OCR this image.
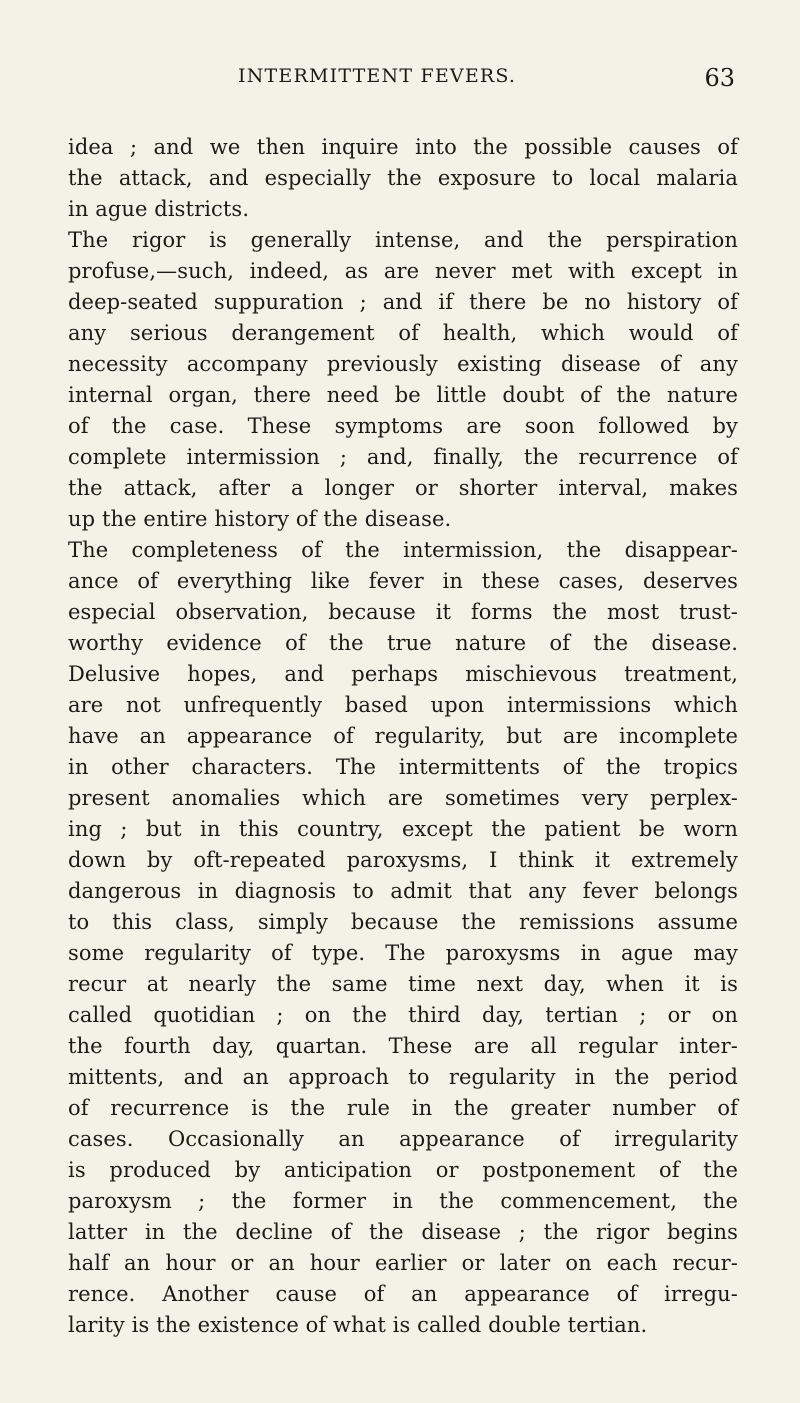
INTERMITTENT FEVERS.	63

idea ; and we then inquire into the possible causes of
the attack, and especially the exposure to local malaria
in ague districts.

The rigor is generally intense, and the perspiration
profuse,—such, indeed, as are never met with except in
deep-seated suppuration ; and if there be no history of
any serious derangement of health, which would of
necessity accompany previously existing disease of any
internal organ, there need be little doubt of the nature
of the case. These symptoms are soon followed by
complete intermission ; and, finally, the recurrence of
the attack, after a longer or shorter interval, makes
up the entire history of the disease.

The completeness of the intermission, the disappear-
ance of everything like fever in these cases, deserves
especial observation, because it forms the most trust-
worthy evidence of the true nature of the disease.
Delusive hopes, and perhaps mischievous treatment,
are not unfrequently based upon intermissions which
have an appearance of regularity, but are incomplete
in other characters. The intermittents of the tropics
present anomalies which are sometimes very perplex-
ing ; but in this country, except the patient be worn
down by oft-repeated paroxysms, I think it extremely
dangerous in diagnosis to admit that any fever belongs
to this class, simply because the remissions assume
some regularity of type. The paroxysms in ague may
recur at nearly the same time next day, when it is
called quotidian ; on the third day, tertian ; or on
the fourth day, quartan. These are all regular inter-
mittents, and an approach to regularity in the period
of recurrence is the rule in the greater number of
cases. Occasionally an appearance of irregularity
is produced by anticipation or postponement of the
paroxysm ; the former in the commencement, the
latter in the decline of the disease ; the rigor begins
half an hour or an hour earlier or later on each recur-
rence. Another cause of an appearance of irregu-
larity is the existence of what is called double tertian.
